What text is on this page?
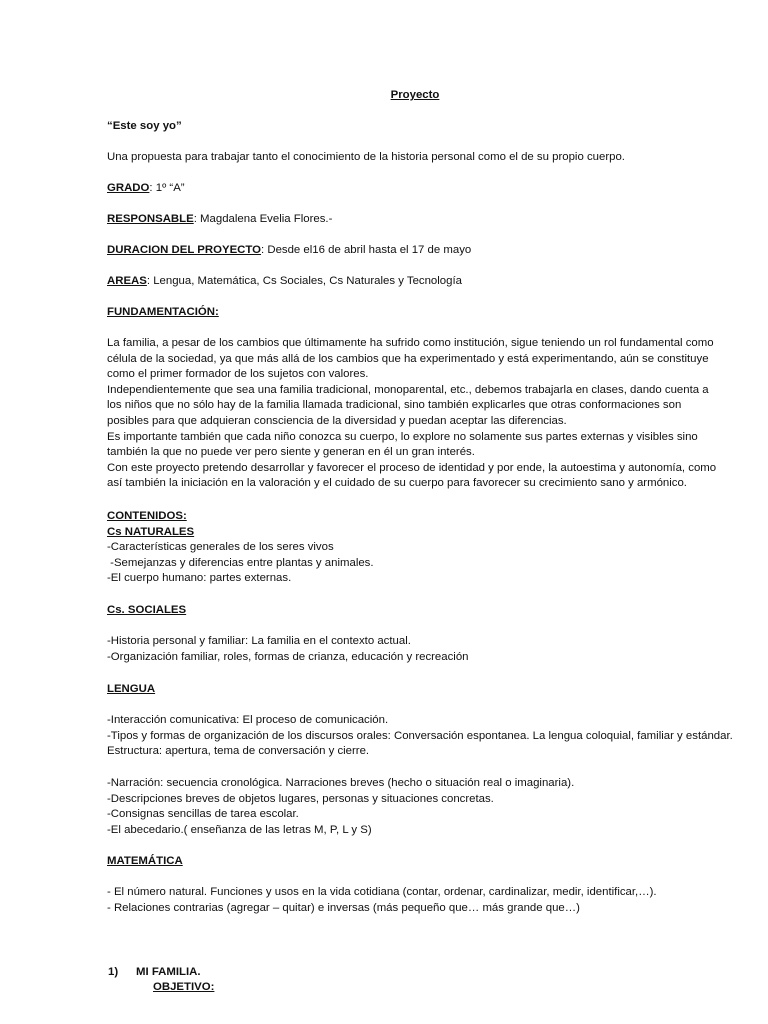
Proyecto
“Este soy yo”
Una propuesta para trabajar tanto el conocimiento de la historia personal como el de su propio cuerpo.
GRADO: 1º “A”
RESPONSABLE: Magdalena Evelia Flores.-
DURACION DEL PROYECTO: Desde el16 de abril hasta el 17 de mayo
AREAS: Lengua, Matemática, Cs Sociales, Cs Naturales y Tecnología
FUNDAMENTACIÓN:
La familia, a pesar de los cambios que últimamente ha sufrido como institución, sigue teniendo un rol fundamental como
célula de la sociedad, ya que más allá de los cambios que ha experimentado y está experimentando, aún se constituye
como el primer formador de los sujetos con valores.
Independientemente que sea una familia tradicional, monoparental, etc., debemos trabajarla en clases, dando cuenta a
los niños que no sólo hay de la familia llamada tradicional, sino también explicarles que otras conformaciones son
posibles para que adquieran consciencia de la diversidad y puedan aceptar las diferencias.
Es importante también que cada niño conozca su cuerpo, lo explore no solamente sus partes externas y visibles sino
también la que no puede ver pero siente y generan en él un gran interés.
Con este proyecto pretendo desarrollar y favorecer el proceso de identidad y por ende, la autoestima y autonomía, como
así también la iniciación en la valoración y el cuidado de su cuerpo para favorecer su crecimiento sano y armónico.
CONTENIDOS:
Cs NATURALES
-Características generales de los seres vivos
-Semejanzas y diferencias entre plantas y animales.
-El cuerpo humano: partes externas.
Cs. SOCIALES
-Historia personal y familiar: La familia en el contexto actual.
-Organización familiar, roles, formas de crianza, educación y recreación
LENGUA
-Interacción comunicativa: El proceso de comunicación.
-Tipos y formas de organización de los discursos orales: Conversación espontanea. La lengua coloquial, familiar y estándar.
Estructura: apertura, tema de conversación y cierre.
-Narración: secuencia cronológica. Narraciones breves (hecho o situación real o imaginaria).
-Descripciones breves de objetos lugares, personas y situaciones concretas.
-Consignas sencillas de tarea escolar.
-El abecedario.( enseñanza de las letras M, P, L y S)
MATEMÁTICA
- El número natural. Funciones y usos en la vida cotidiana (contar, ordenar, cardinalizar, medir, identificar,…).
- Relaciones contrarias (agregar – quitar) e inversas (más pequeño que… más grande que…)
1) MI FAMILIA.
OBJETIVO:
